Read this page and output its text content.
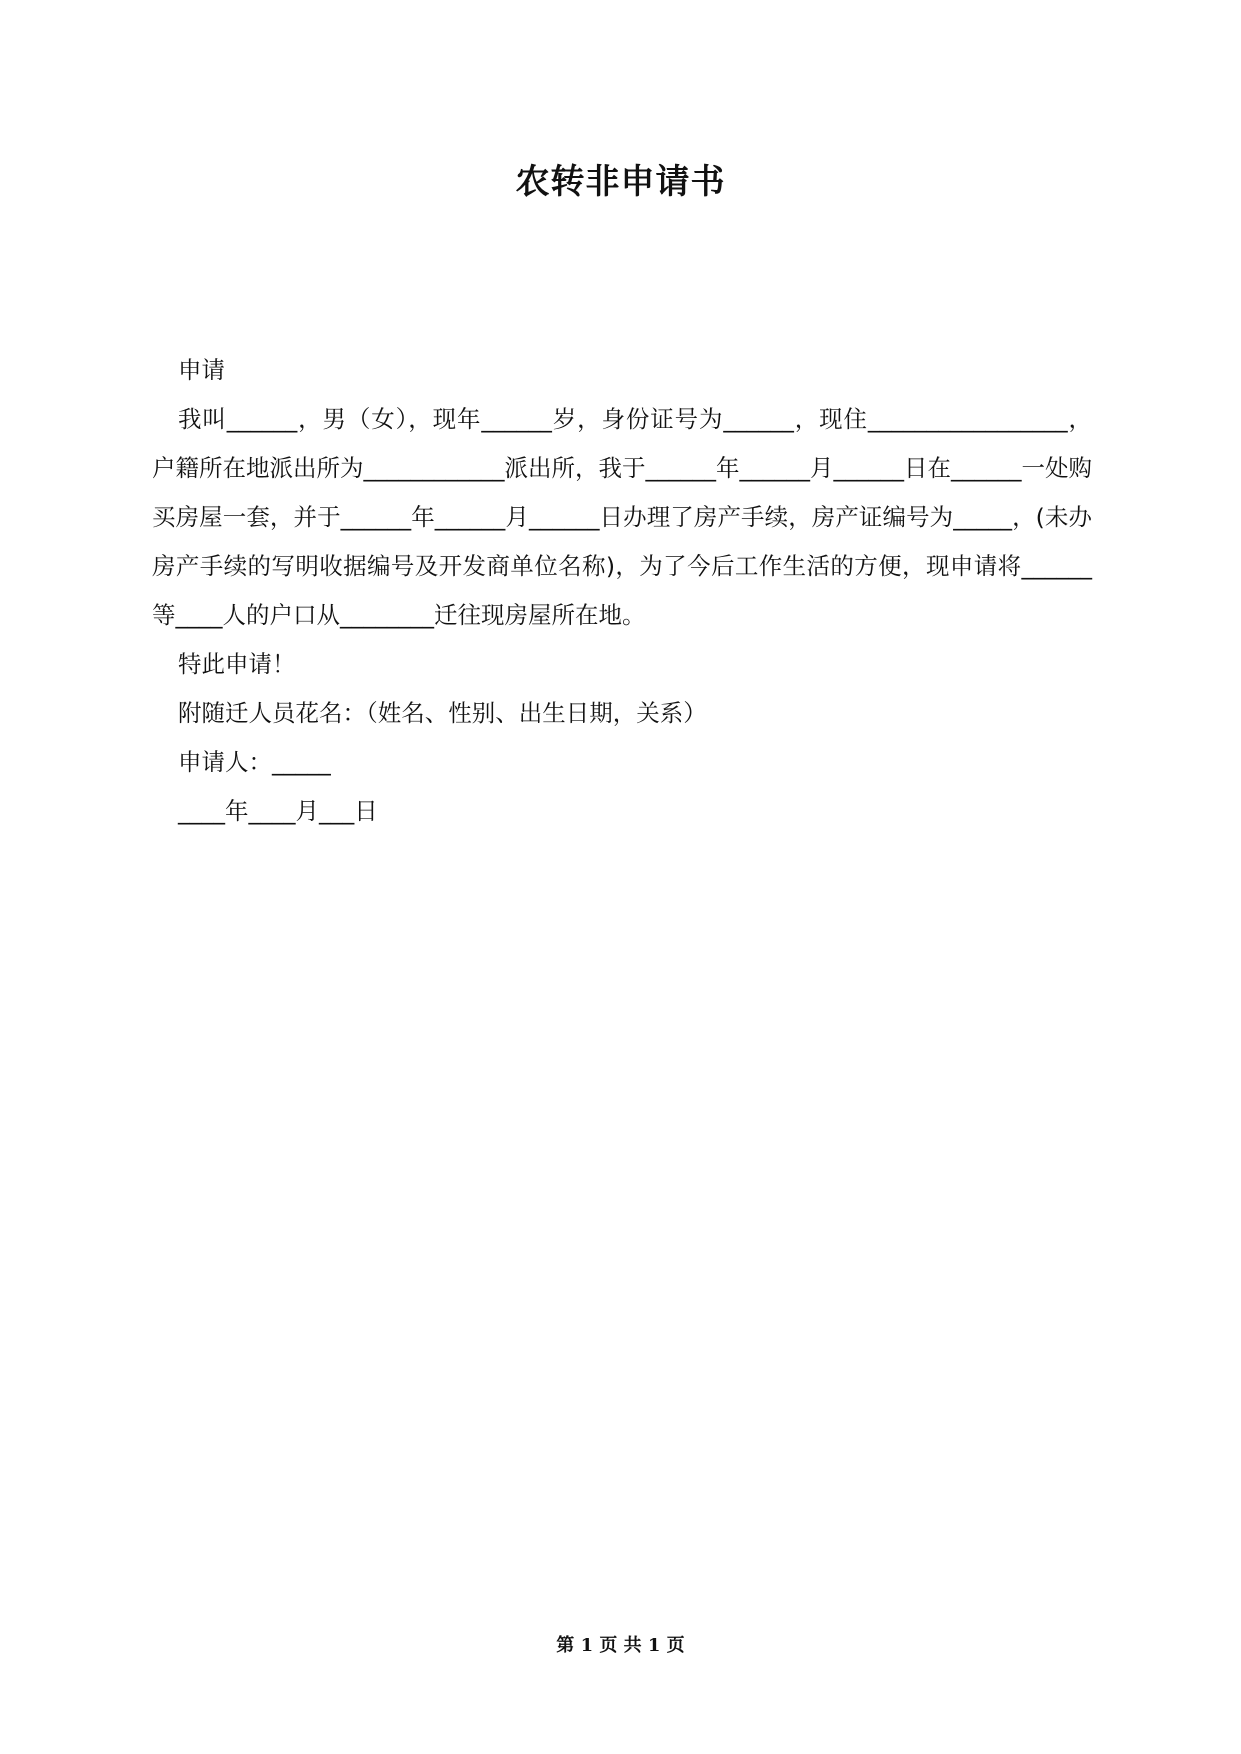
农转非申请书

申请

我叫______，男（女），现年______岁，身份证号为______，现住_________________，户籍所在地派出所为____________派出所，我于______年______月______日在______一处购买房屋一套，并于______年______月______日办理了房产手续，房产证编号为_____，(未办房产手续的写明收据编号及开发商单位名称)，为了今后工作生活的方便，现申请将______等____人的户口从________迁往现房屋所在地。

特此申请！

附随迁人员花名：（姓名、性别、出生日期，关系）

申请人：_____

____年____月___日

第 1 页 共 1 页
